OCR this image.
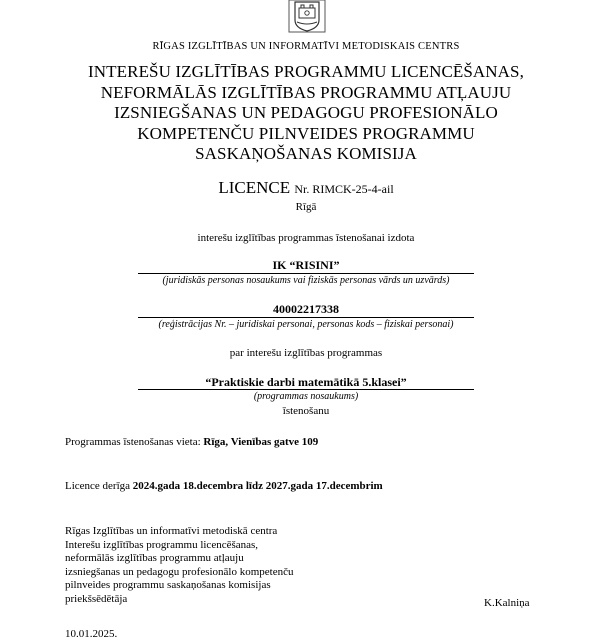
RĪGAS IZGLĪTĪBAS UN INFORMATĪVI METODISKAIS CENTRS
INTEREŠU IZGLĪTĪBAS PROGRAMMU LICENCĒŠANAS,
NEFORMĀLĀS IZGLĪTĪBAS PROGRAMMU ATĻAUJU
IZSNIEGŠANAS UN PEDAGOGU PROFESIONĀLO
KOMPETENČU PILNVEIDES PROGRAMMU
SASKAŅOŠANAS KOMISIJA
LICENCE Nr. RIMCK-25-4-ail
Rīgā
interešu izglītības programmas īstenošanai izdota
IK “RISINI”
(juridiskās personas nosaukums vai fiziskās personas vārds un uzvārds)
40002217338
(reģistrācijas Nr. – juridiskai personai, personas kods – fiziskai personai)
par interešu izglītības programmas
“Praktiskie darbi matemātikā 5.klasei”
(programmas nosaukums)
īstenošanu
Programmas īstenošanas vieta: Rīga, Vienības gatve 109
Licence derīga 2024.gada 18.decembra līdz 2027.gada 17.decembrim
Rīgas Izglītības un informatīvi metodiskā centra
Interešu izglītības programmu licencēšanas,
neformālās izglītības programmu atļauju
izsniegšanas un pedagogu profesionālo kompetenču
pilnveides programmu saskaņošanas komisijas
priekšsēdētāja	K.Kalniņa
10.01.2025.
